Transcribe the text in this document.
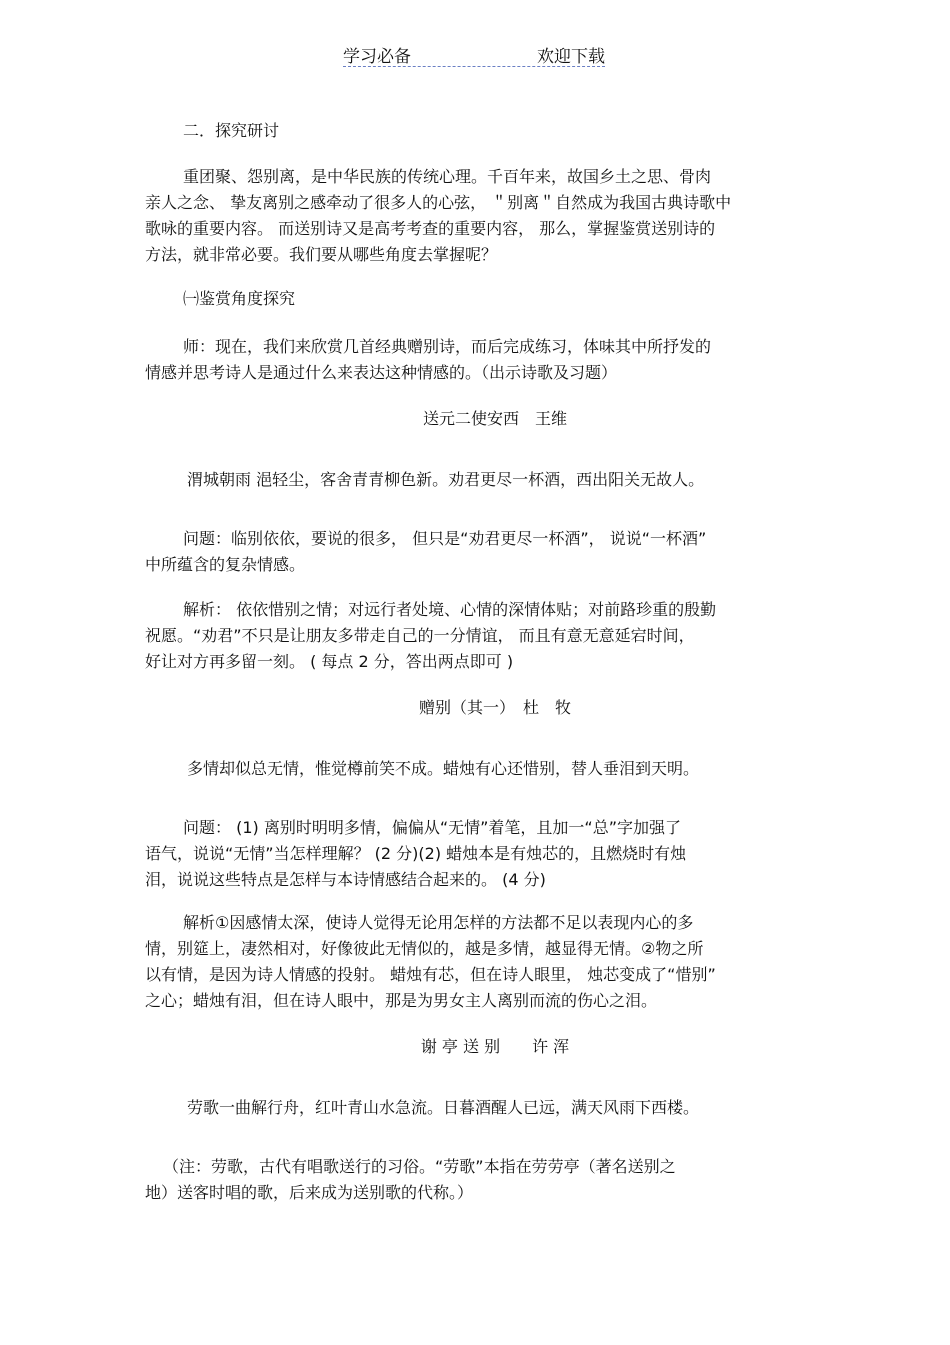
学习必备	欢迎下载

二．探究研讨

重团聚、怨别离，是中华民族的传统心理。千百年来，故国乡土之思、骨肉

亲人之念、 挚友离别之感牵动了很多人的心弦， ＂别离＂自然成为我国古典诗歌中

歌咏的重要内容。 而送别诗又是高考考查的重要内容， 那么，掌握鉴赏送别诗的

方法，就非常必要。我们要从哪些角度去掌握呢？

㈠鉴赏角度探究

师：现在，我们来欣赏几首经典赠别诗，而后完成练习，体味其中所抒发的

情感并思考诗人是通过什么来表达这种情感的。（出示诗歌及习题）

送元二使安西　王维

渭城朝雨 浥轻尘，客舍青青柳色新。劝君更尽一杯酒，西出阳关无故人。

问题：临别依依，要说的很多， 但只是“劝君更尽一杯酒”， 说说“一杯酒”

中所蕴含的复杂情感。

解析： 依依惜别之情；对远行者处境、心情的深情体贴；对前路珍重的殷勤

祝愿。“劝君”不只是让朋友多带走自己的一分情谊， 而且有意无意延宕时间，

好让对方再多留一刻。 ( 每点 2 分，答出两点即可 )

赠别（其一）　杜　牧

多情却似总无情，惟觉樽前笑不成。蜡烛有心还惜别，替人垂泪到天明。

问题： (1) 离别时明明多情，偏偏从“无情”着笔，且加一“总”字加强了

语气，说说“无情”当怎样理解？ (2 分)(2) 蜡烛本是有烛芯的，且燃烧时有烛

泪，说说这些特点是怎样与本诗情感结合起来的。 (4 分)

解析①因感情太深，使诗人觉得无论用怎样的方法都不足以表现内心的多

情，别筵上，凄然相对，好像彼此无情似的，越是多情，越显得无情。②物之所

以有情，是因为诗人情感的投射。 蜡烛有芯，但在诗人眼里， 烛芯变成了“惜别”

之心；蜡烛有泪，但在诗人眼中，那是为男女主人离别而流的伤心之泪。

谢 亭 送 别　　许 浑

劳歌一曲解行舟，红叶青山水急流。日暮酒醒人已远，满天风雨下西楼。

（注：劳歌，古代有唱歌送行的习俗。“劳歌”本指在劳劳亭（著名送别之

地）送客时唱的歌，后来成为送别歌的代称。）
